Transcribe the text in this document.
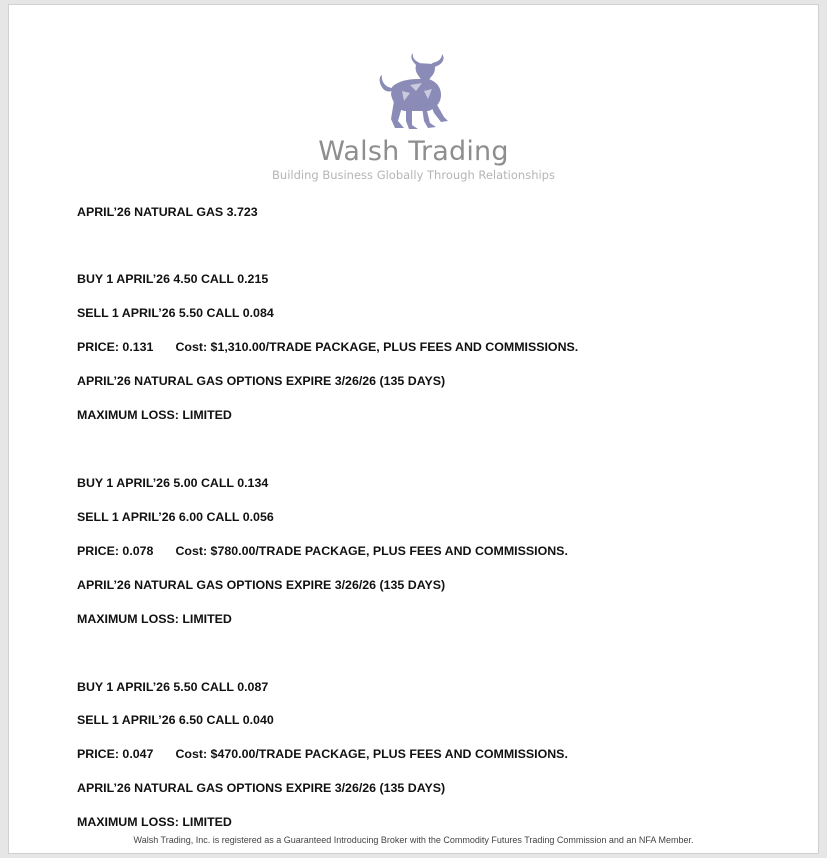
Walsh Trading
Building Business Globally Through Relationships
APRIL’26 NATURAL GAS 3.723
BUY 1 APRIL’26 4.50 CALL 0.215
SELL 1 APRIL’26 5.50 CALL 0.084
PRICE: 0.131 Cost: $1,310.00/TRADE PACKAGE, PLUS FEES AND COMMISSIONS.
APRIL’26 NATURAL GAS OPTIONS EXPIRE 3/26/26 (135 DAYS)
MAXIMUM LOSS: LIMITED
BUY 1 APRIL’26 5.00 CALL 0.134
SELL 1 APRIL’26 6.00 CALL 0.056
PRICE: 0.078 Cost: $780.00/TRADE PACKAGE, PLUS FEES AND COMMISSIONS.
APRIL’26 NATURAL GAS OPTIONS EXPIRE 3/26/26 (135 DAYS)
MAXIMUM LOSS: LIMITED
BUY 1 APRIL’26 5.50 CALL 0.087
SELL 1 APRIL’26 6.50 CALL 0.040
PRICE: 0.047 Cost: $470.00/TRADE PACKAGE, PLUS FEES AND COMMISSIONS.
APRIL’26 NATURAL GAS OPTIONS EXPIRE 3/26/26 (135 DAYS)
MAXIMUM LOSS: LIMITED
Walsh Trading, Inc. is registered as a Guaranteed Introducing Broker with the Commodity Futures Trading Commission and an NFA Member.
